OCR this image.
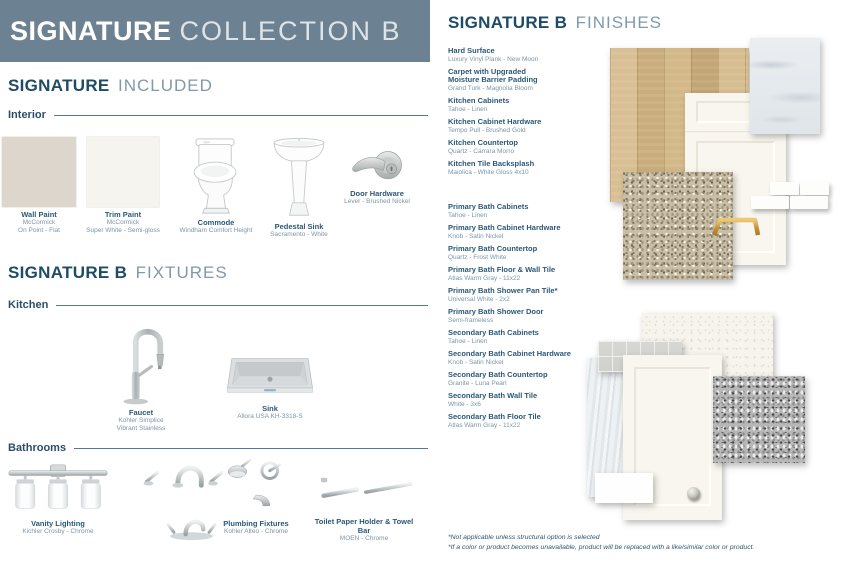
SIGNATURE COLLECTION B
SIGNATURE INCLUDED
Interior
Wall Paint
McCormick
On Point - Flat
Trim Paint
McCormick
Super White - Semi-gloss
Commode
Windham Comfort Height	Pedestal Sink
Sacramento - White
Door Hardware
Lever - Brushed Nickel
SIGNATURE B FIXTURES
Kitchen
Faucet
Kohler Simplice
Vibrant Stainless
Sink
Allora USA KH-3318-S
Bathrooms
Vanity Lighting
Kichler Crosby - Chrome
Plumbing Fixtures
Kohler Alteo - Chrome
Toilet Paper Holder & Towel Bar
MOEN - Chrome
SIGNATURE B FINISHES
Hard Surface
Luxury Vinyl Plank - New Moon
Carpet with Upgraded Moisture Barrier Padding
Grand Turk - Magnolia Bloom
Kitchen Cabinets
Tahoe - Linen
Kitchen Cabinet Hardware
Tempo Pull - Brushed Gold
Kitchen Countertop
Quartz - Carrara Morro
Kitchen Tile Backsplash
Maiolica - White Gloss 4x10
Primary Bath Cabinets
Tahoe - Linen
Primary Bath Cabinet Hardware
Knob - Satin Nickel
Primary Bath Countertop
Quartz - Frost White
Primary Bath Floor & Wall Tile
Atlas Warm Gray - 11x22
Primary Bath Shower Pan Tile*
Universal White - 2x2
Primary Bath Shower Door
Semi-frameless
Secondary Bath Cabinets
Tahoe - Linen
Secondary Bath Cabinet Hardware
Knob - Satin Nickel
Secondary Bath Countertop
Granite - Luna Pearl
Secondary Bath Wall Tile
White - 3x6
Secondary Bath Floor Tile
Atlas Warm Gray - 11x22
*Not applicable unless structural option is selected
*If a color or product becomes unavailable, product will be replaced with a like/similar color or product.
